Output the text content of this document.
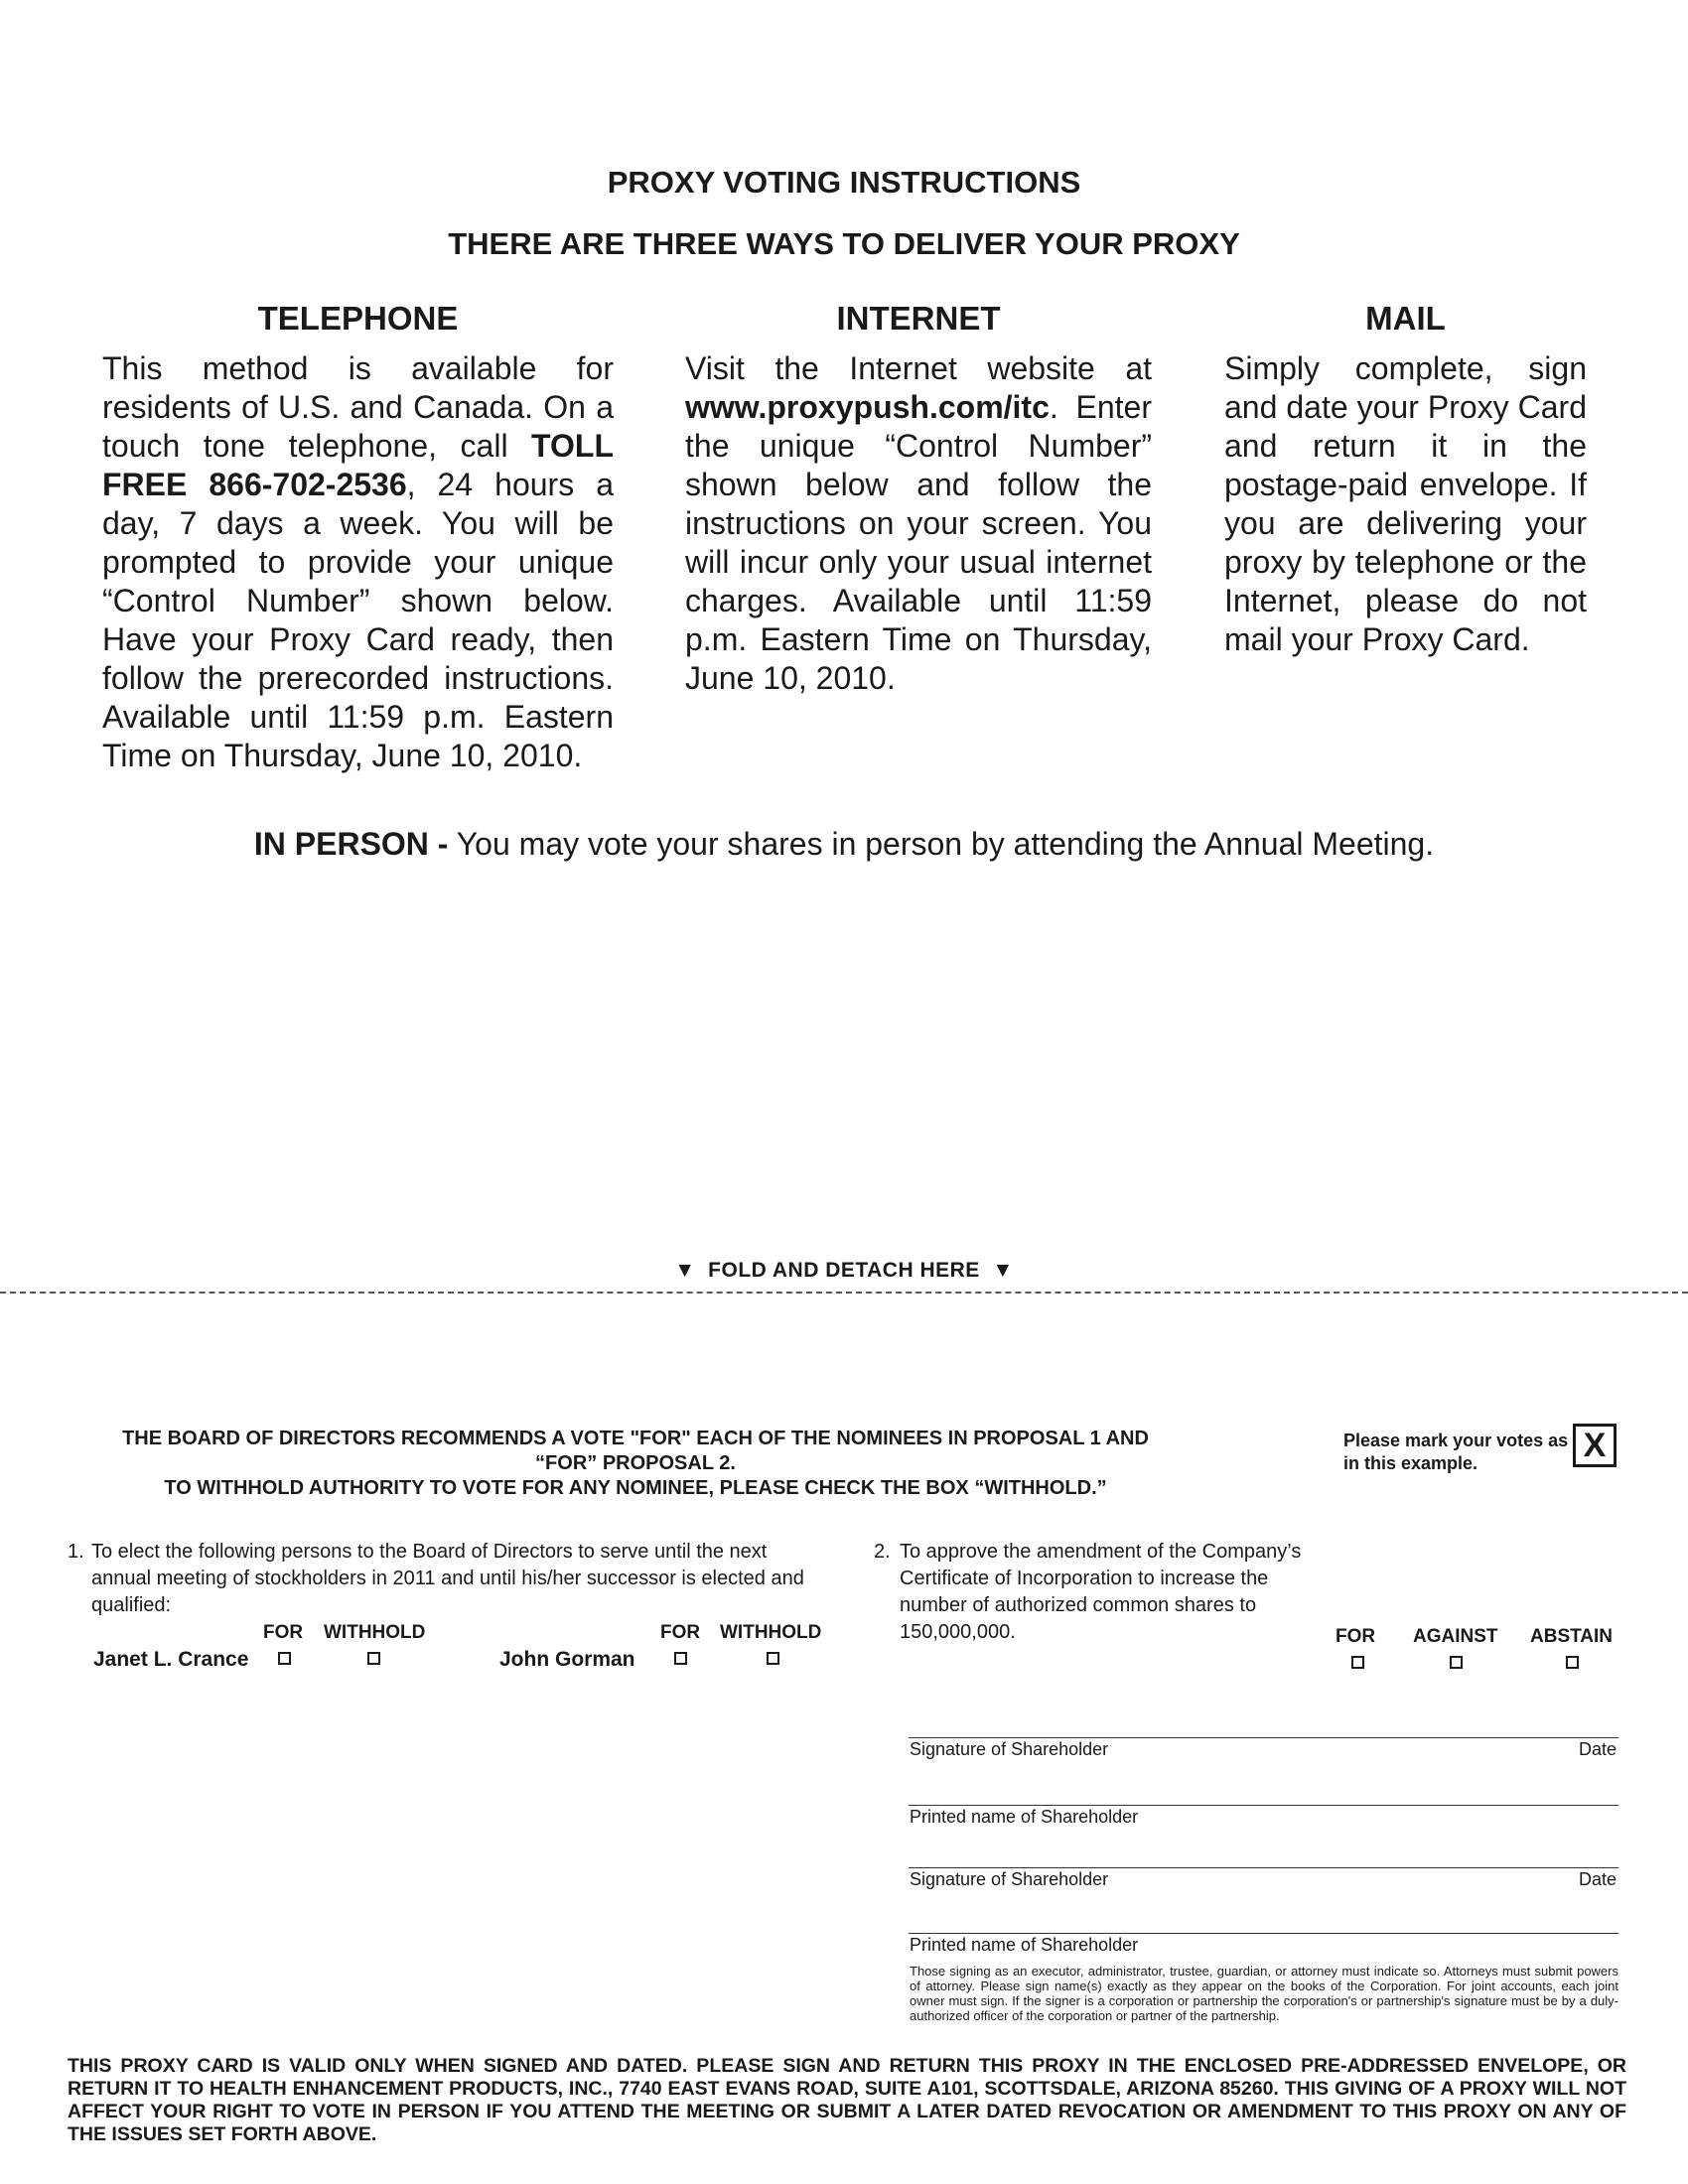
PROXY VOTING INSTRUCTIONS
THERE ARE THREE WAYS TO DELIVER YOUR PROXY
TELEPHONE
This method is available for residents of U.S. and Canada. On a touch tone telephone, call TOLL FREE 866-702-2536, 24 hours a day, 7 days a week. You will be prompted to provide your unique “Control Number” shown below. Have your Proxy Card ready, then follow the prerecorded instructions. Available until 11:59 p.m. Eastern Time on Thursday, June 10, 2010.
INTERNET
Visit the Internet website at www.proxypush.com/itc. Enter the unique “Control Number” shown below and follow the instructions on your screen. You will incur only your usual internet charges. Available until 11:59 p.m. Eastern Time on Thursday, June 10, 2010.
MAIL
Simply complete, sign and date your Proxy Card and return it in the postage-paid envelope. If you are delivering your proxy by telephone or the Internet, please do not mail your Proxy Card.
IN PERSON - You may vote your shares in person by attending the Annual Meeting.
▼ FOLD AND DETACH HERE ▼
THE BOARD OF DIRECTORS RECOMMENDS A VOTE "FOR" EACH OF THE NOMINEES IN PROPOSAL 1 AND
“FOR” PROPOSAL 2.
TO WITHHOLD AUTHORITY TO VOTE FOR ANY NOMINEE, PLEASE CHECK THE BOX “WITHHOLD.”
Please mark your votes as in this example.	X
1. To elect the following persons to the Board of Directors to serve until the next annual meeting of stockholders in 2011 and until his/her successor is elected and qualified:
FOR WITHHOLD	FOR WITHHOLD
Janet L. Crance	John Gorman
2. To approve the amendment of the Company’s Certificate of Incorporation to increase the number of authorized common shares to 150,000,000.	FOR AGAINST ABSTAIN
Signature of Shareholder	Date
Printed name of Shareholder
Signature of Shareholder	Date
Printed name of Shareholder
Those signing as an executor, administrator, trustee, guardian, or attorney must indicate so. Attorneys must submit powers of attorney. Please sign name(s) exactly as they appear on the books of the Corporation. For joint accounts, each joint owner must sign. If the signer is a corporation or partnership the corporation's or partnership's signature must be by a duly-authorized officer of the corporation or partner of the partnership.
THIS PROXY CARD IS VALID ONLY WHEN SIGNED AND DATED. PLEASE SIGN AND RETURN THIS PROXY IN THE ENCLOSED PRE-ADDRESSED ENVELOPE, OR RETURN IT TO HEALTH ENHANCEMENT PRODUCTS, INC., 7740 EAST EVANS ROAD, SUITE A101, SCOTTSDALE, ARIZONA 85260. THIS GIVING OF A PROXY WILL NOT AFFECT YOUR RIGHT TO VOTE IN PERSON IF YOU ATTEND THE MEETING OR SUBMIT A LATER DATED REVOCATION OR AMENDMENT TO THIS PROXY ON ANY OF THE ISSUES SET FORTH ABOVE.
